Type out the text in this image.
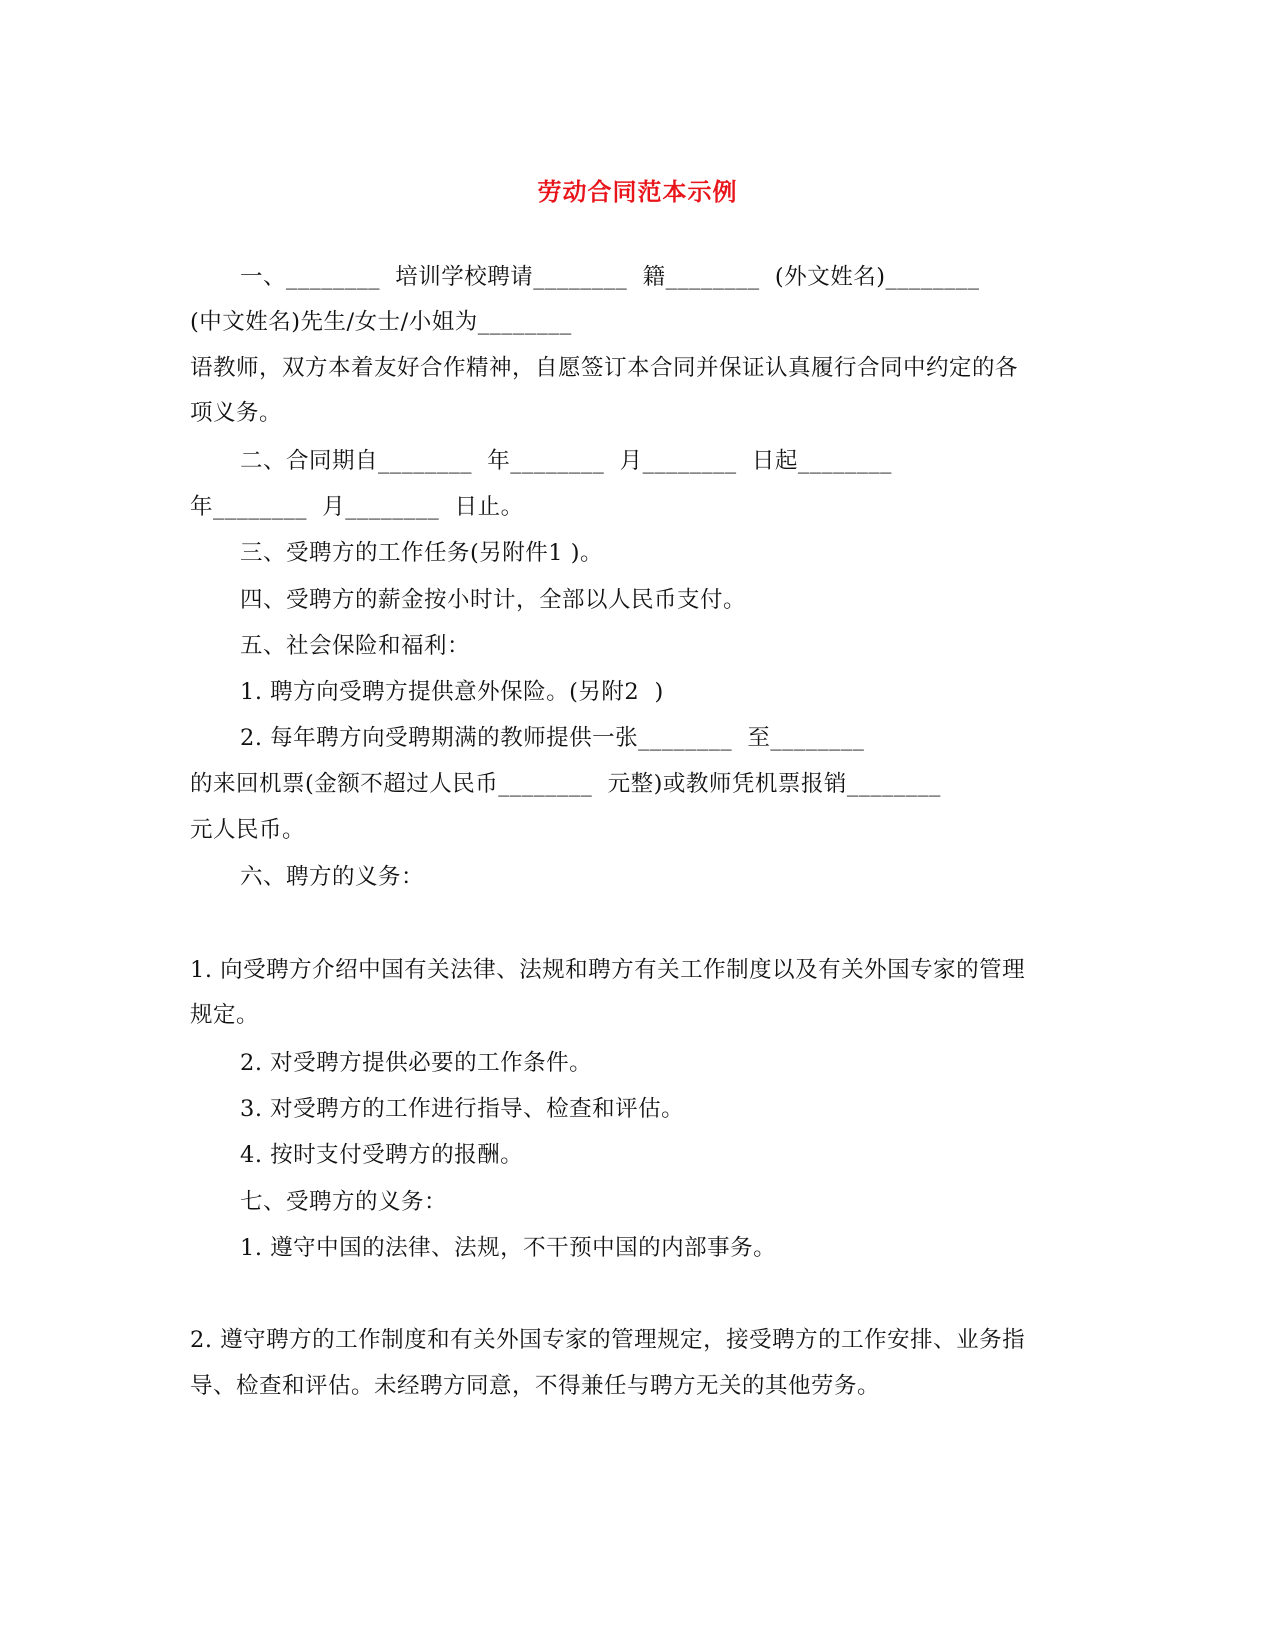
劳动合同范本示例
一、________  培训学校聘请________  籍________  (外文姓名)________
(中文姓名)先生/女士/小姐为________
语教师，双方本着友好合作精神，自愿签订本合同并保证认真履行合同中约定的各
项义务。
二、合同期自________  年________  月________  日起________
年________  月________  日止。
三、受聘方的工作任务(另附件1 )。
四、受聘方的薪金按小时计，全部以人民币支付。
五、社会保险和福利：
1. 聘方向受聘方提供意外保险。(另附2  )
2. 每年聘方向受聘期满的教师提供一张________  至________
的来回机票(金额不超过人民币________  元整)或教师凭机票报销________
元人民币。
六、聘方的义务：
1. 向受聘方介绍中国有关法律、法规和聘方有关工作制度以及有关外国专家的管理
规定。
2. 对受聘方提供必要的工作条件。
3. 对受聘方的工作进行指导、检查和评估。
4. 按时支付受聘方的报酬。
七、受聘方的义务：
1. 遵守中国的法律、法规，不干预中国的内部事务。
2. 遵守聘方的工作制度和有关外国专家的管理规定，接受聘方的工作安排、业务指
导、检查和评估。未经聘方同意，不得兼任与聘方无关的其他劳务。
